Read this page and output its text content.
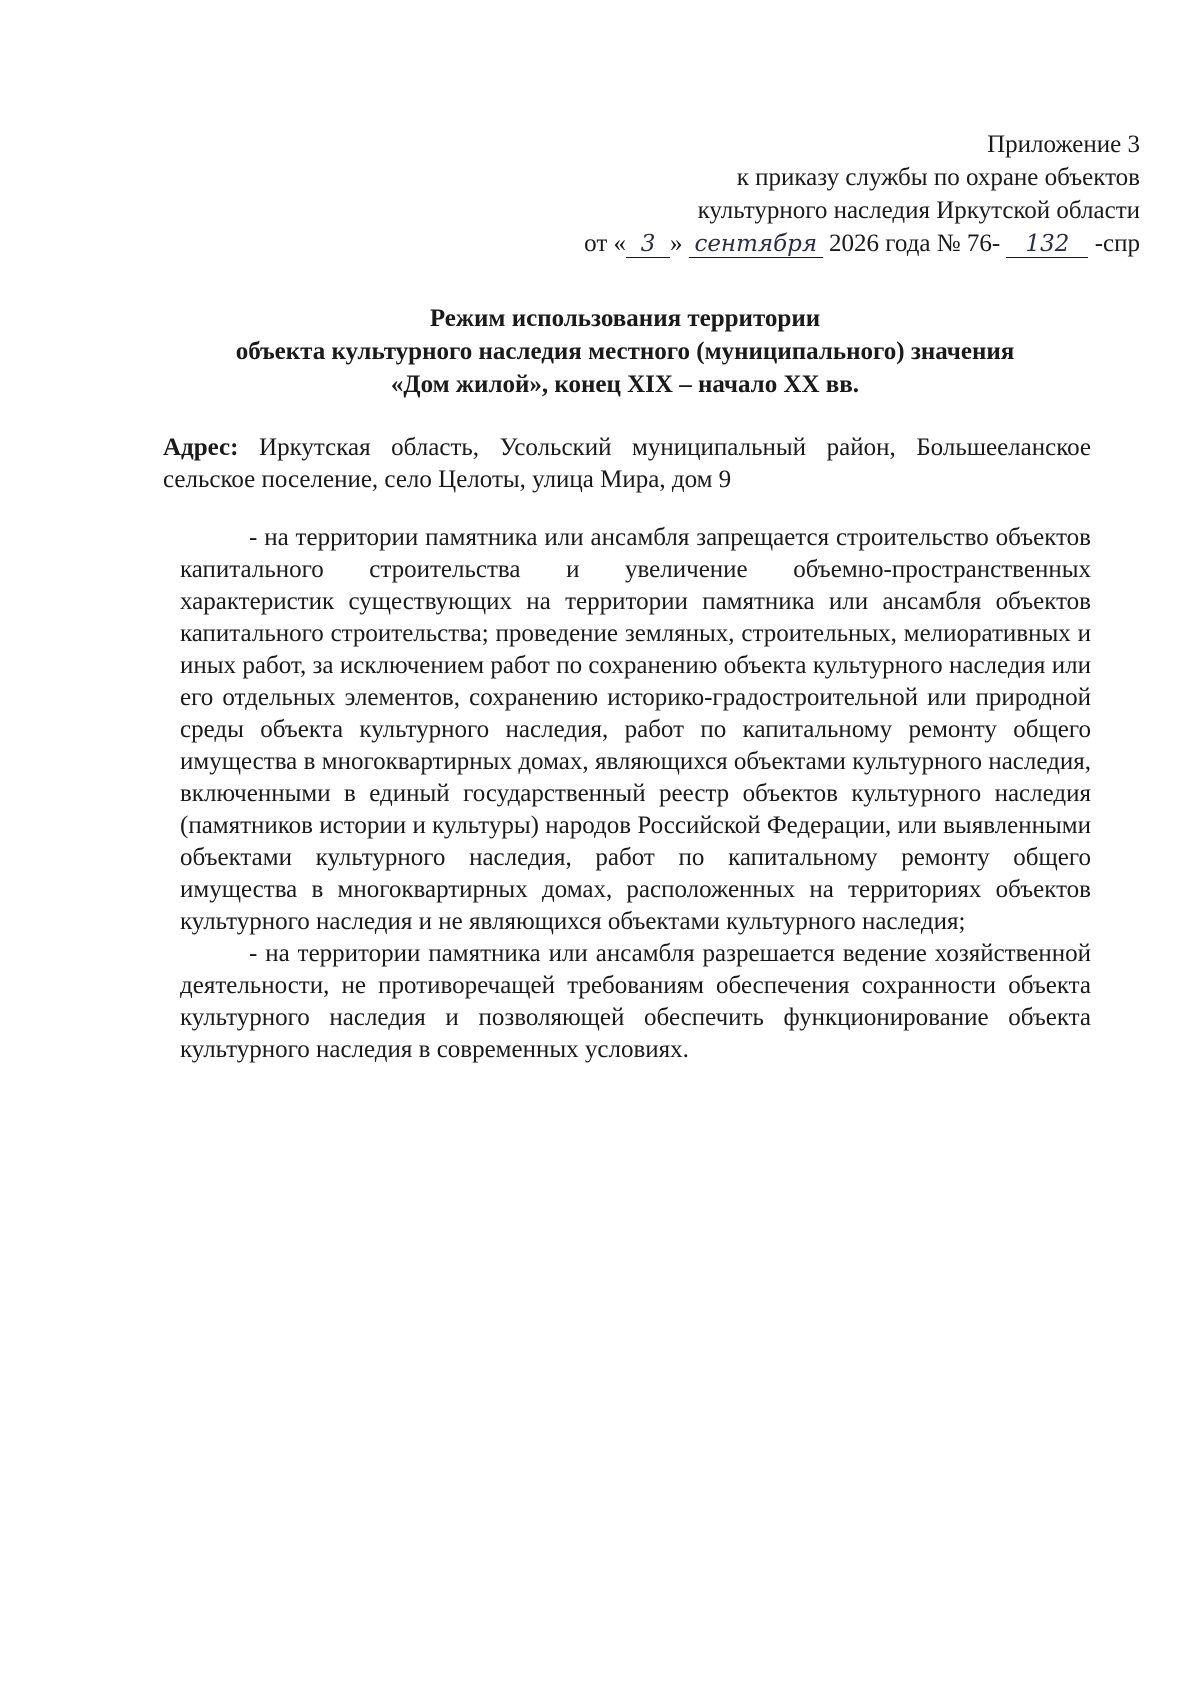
Приложение 3
к приказу службы по охране объектов
культурного наследия Иркутской области
от « 3 » сентября 2026 года № 76- 132 -спр
Режим использования территории
объекта культурного наследия местного (муниципального) значения
«Дом жилой», конец XIX – начало XX вв.
Адрес: Иркутская область, Усольский муниципальный район, Большееланское сельское поселение, село Целоты, улица Мира, дом 9

- на территории памятника или ансамбля запрещается строительство объектов капитального строительства и увеличение объемно-пространственных характеристик существующих на территории памятника или ансамбля объектов капитального строительства; проведение земляных, строительных, мелиоративных и иных работ, за исключением работ по сохранению объекта культурного наследия или его отдельных элементов, сохранению историко-градостроительной или природной среды объекта культурного наследия, работ по капитальному ремонту общего имущества в многоквартирных домах, являющихся объектами культурного наследия, включенными в единый государственный реестр объектов культурного наследия (памятников истории и культуры) народов Российской Федерации, или выявленными объектами культурного наследия, работ по капитальному ремонту общего имущества в многоквартирных домах, расположенных на территориях объектов культурного наследия и не являющихся объектами культурного наследия;

- на территории памятника или ансамбля разрешается ведение хозяйственной деятельности, не противоречащей требованиям обеспечения сохранности объекта культурного наследия и позволяющей обеспечить функционирование объекта культурного наследия в современных условиях.
